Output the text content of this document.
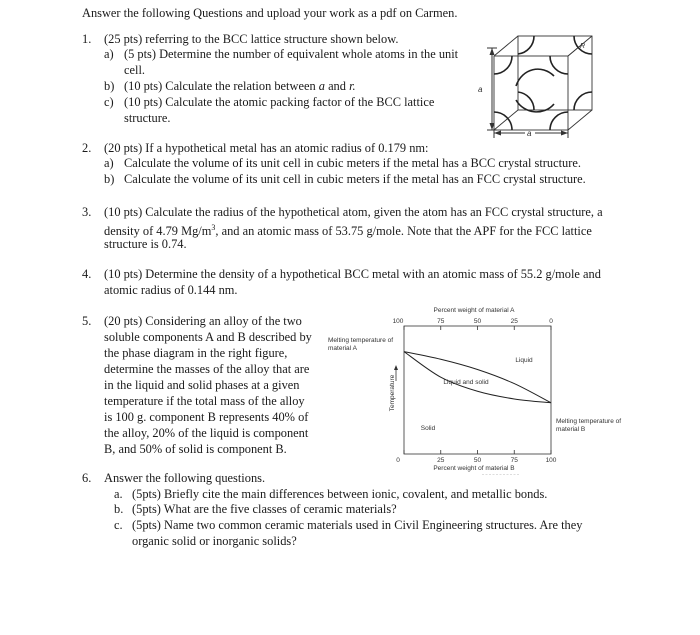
Answer the following Questions and upload your work as a pdf on Carmen.
1. (25 pts) referring to the BCC lattice structure shown below.
a) (5 pts) Determine the number of equivalent whole atoms in the unit
cell.
b) (10 pts) Calculate the relation between a and r.
c) (10 pts) Calculate the atomic packing factor of the BCC lattice
structure.
a
a
R
2. (20 pts) If a hypothetical metal has an atomic radius of 0.179 nm:
a) Calculate the volume of its unit cell in cubic meters if the metal has a BCC crystal structure.
b) Calculate the volume of its unit cell in cubic meters if the metal has an FCC crystal structure.
3. (10 pts) Calculate the radius of the hypothetical atom, given the atom has an FCC crystal structure, a
density of 4.79 $Mg/m^3$, and an atomic mass of 53.75 g/mole. Note that the APF for the FCC lattice
structure is 0.74.
4. (10 pts) Determine the density of a hypothetical BCC metal with an atomic mass of 55.2 g/mole and
atomic radius of 0.144 nm.
5. (20 pts) Considering an alloy of the two
soluble components A and B described by
the phase diagram in the right figure,
determine the masses of the alloy that are
in the liquid and solid phases at a given
temperature if the total mass of the alloy
is 100 g. component B represents 40% of
the alloy, 20% of the liquid is component
B, and 50% of solid is component B.
Melting temperature of material A
Melting temperature of material B
Percent weight of material A
100	75	50	25	0
0	25	50	75	100
Percent weight of material B
Temperature
Liquid
Liquid and solid
Solid
6. Answer the following questions.
a. (5pts) Briefly cite the main differences between ionic, covalent, and metallic bonds.
b. (5pts) What are the five classes of ceramic materials?
c. (5pts) Name two common ceramic materials used in Civil Engineering structures. Are they
organic solid or inorganic solids?
